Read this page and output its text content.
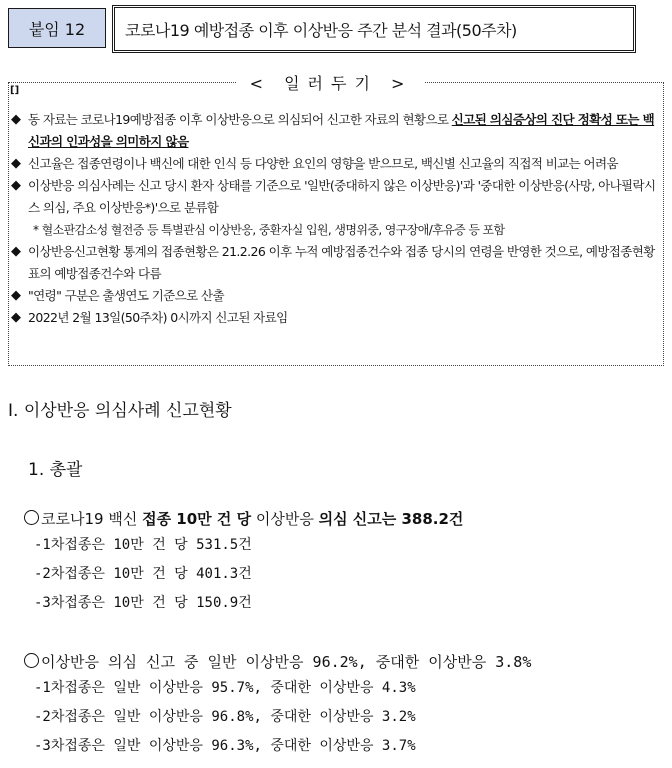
붙임 12 코로나19 예방접종 이후 이상반응 주간 분석 결과(50주차)
< 일러두기 >
[]
◆ 동 자료는 코로나19예방접종 이후 이상반응으로 의심되어 신고한 자료의 현황으로 신고된 의심증상의 진단 정확성 또는 백신과의 인과성을 의미하지 않음
◆ 신고율은 접종연령이나 백신에 대한 인식 등 다양한 요인의 영향을 받으므로, 백신별 신고율의 직접적 비교는 어려움
◆ 이상반응 의심사례는 신고 당시 환자 상태를 기준으로 '일반(중대하지 않은 이상반응)'과 '중대한 이상반응(사망, 아나필락시스 의심, 주요 이상반응*)'으로 분류함
* 혈소판감소성 혈전증 등 특별관심 이상반응, 중환자실 입원, 생명위중, 영구장애/후유증 등 포함
◆ 이상반응신고현황 통계의 접종현황은 21.2.26 이후 누적 예방접종건수와 접종 당시의 연령을 반영한 것으로, 예방접종현황 표의 예방접종건수와 다름
◆ "연령" 구분은 출생연도 기준으로 산출
◆ 2022년 2월 13일(50주차) 0시까지 신고된 자료임
Ⅰ. 이상반응 의심사례 신고현황
1. 총괄
코로나19 백신 접종 10만 건 당 이상반응 의심 신고는 388.2건
-1차접종은 10만 건 당 531.5건
-2차접종은 10만 건 당 401.3건
-3차접종은 10만 건 당 150.9건
이상반응 의심 신고 중 일반 이상반응 96.2%, 중대한 이상반응 3.8%
-1차접종은 일반 이상반응 95.7%, 중대한 이상반응 4.3%
-2차접종은 일반 이상반응 96.8%, 중대한 이상반응 3.2%
-3차접종은 일반 이상반응 96.3%, 중대한 이상반응 3.7%
